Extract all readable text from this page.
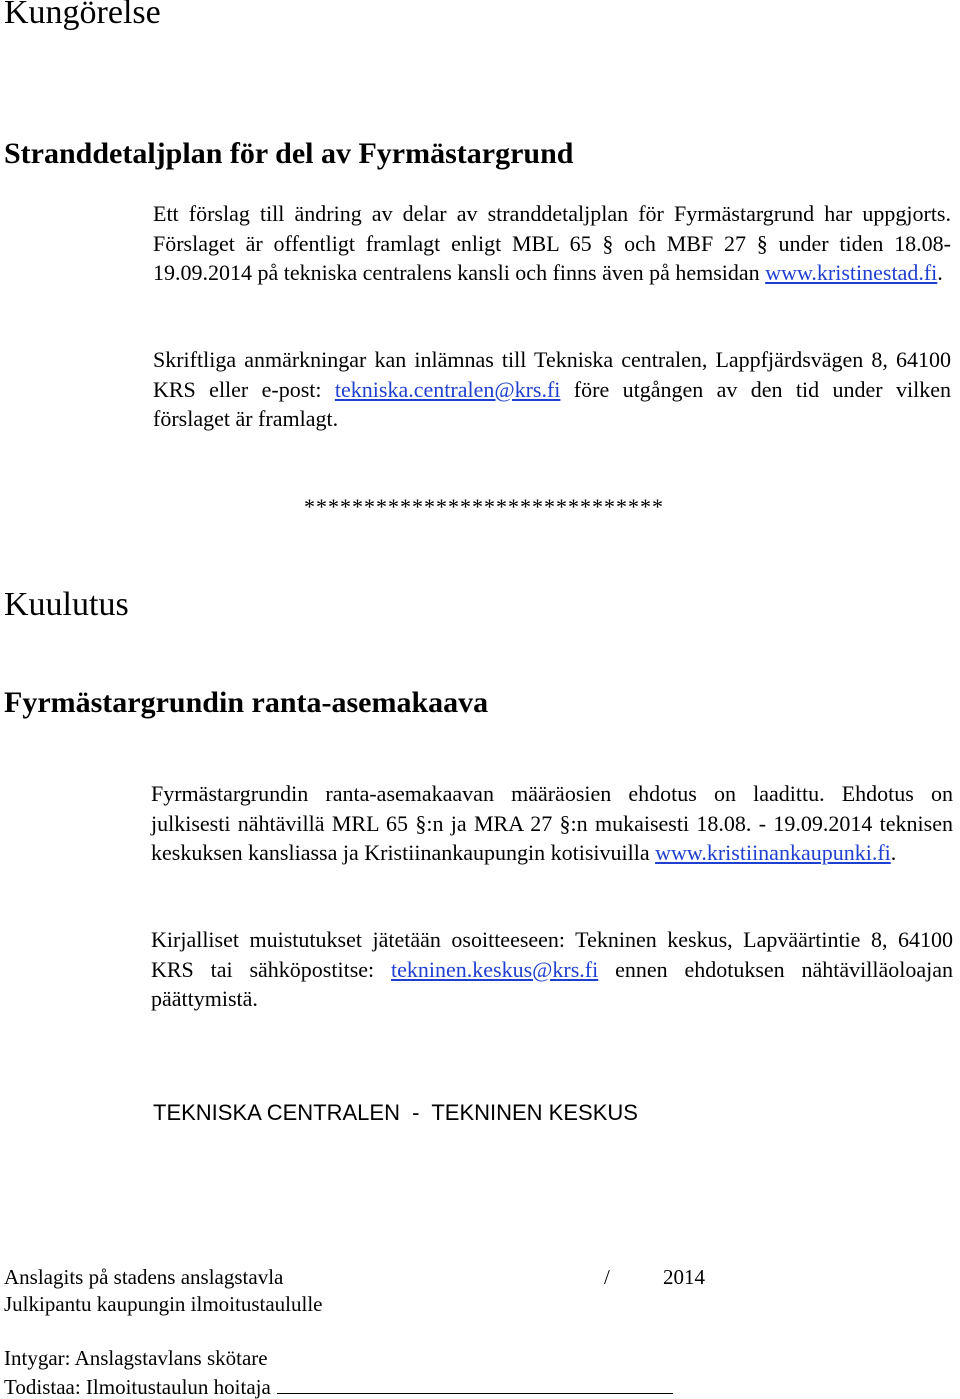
Kungörelse
Stranddetaljplan för del av Fyrmästargrund

Ett förslag till ändring av delar av stranddetaljplan för Fyrmästargrund har uppgjorts. Förslaget är offentligt framlagt enligt MBL 65 § och MBF 27 § under tiden 18.08-19.09.2014 på tekniska centralens kansli och finns även på hemsidan www.kristinestad.fi.

Skriftliga anmärkningar kan inlämnas till Tekniska centralen, Lappfjärdsvägen 8, 64100 KRS eller e-post: tekniska.centralen@krs.fi före utgången av den tid under vilken förslaget är framlagt.

******************************
Kuulutus
Fyrmästargrundin ranta-asemakaava

Fyrmästargrundin ranta-asemakaavan määräosien ehdotus on laadittu. Ehdotus on julkisesti nähtävillä MRL 65 §:n ja MRA 27 §:n mukaisesti 18.08. - 19.09.2014 teknisen keskuksen kansliassa ja Kristiinankaupungin kotisivuilla www.kristiinankaupunki.fi.

Kirjalliset muistutukset jätetään osoitteeseen: Tekninen keskus, Lapväärtintie 8, 64100 KRS tai sähköpostitse: tekninen.keskus@krs.fi ennen ehdotuksen nähtävilläoloajan päättymistä.

TEKNISKA CENTRALEN  -  TEKNINEN KESKUS
Anslagits på stadens anslagstavla	/	2014
Julkipantu kaupungin ilmoitustaululle
Intygar: Anslagstavlans skötare
Todistaa: Ilmoitustaulun hoitaja
